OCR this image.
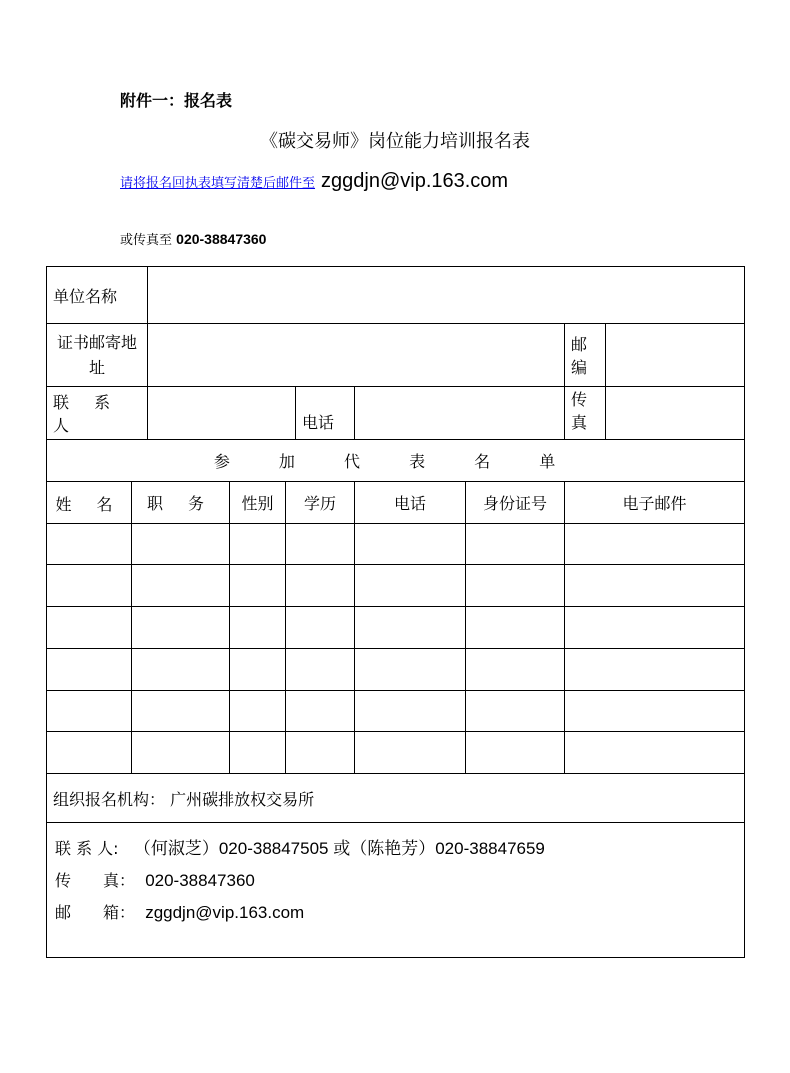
附件一：报名表
《碳交易师》岗位能力培训报名表
请将报名回执表填写清楚后邮件至 zggdjn@vip.163.com
或传真至 020-38847360
单位名称									
证书邮寄地址								邮编	
联 系 人					电话			传真	
参 加 代 表 名 单									
姓 名	职 务		性别	学历		电话	身份证号	电子邮件	

组织报名机构： 广州碳排放权交易所									

联 系 人: （何淑芝）020-38847505 或（陈艳芳）020-38847659
传　　真： 020-38847360
邮　　箱： zggdjn@vip.163.com									
